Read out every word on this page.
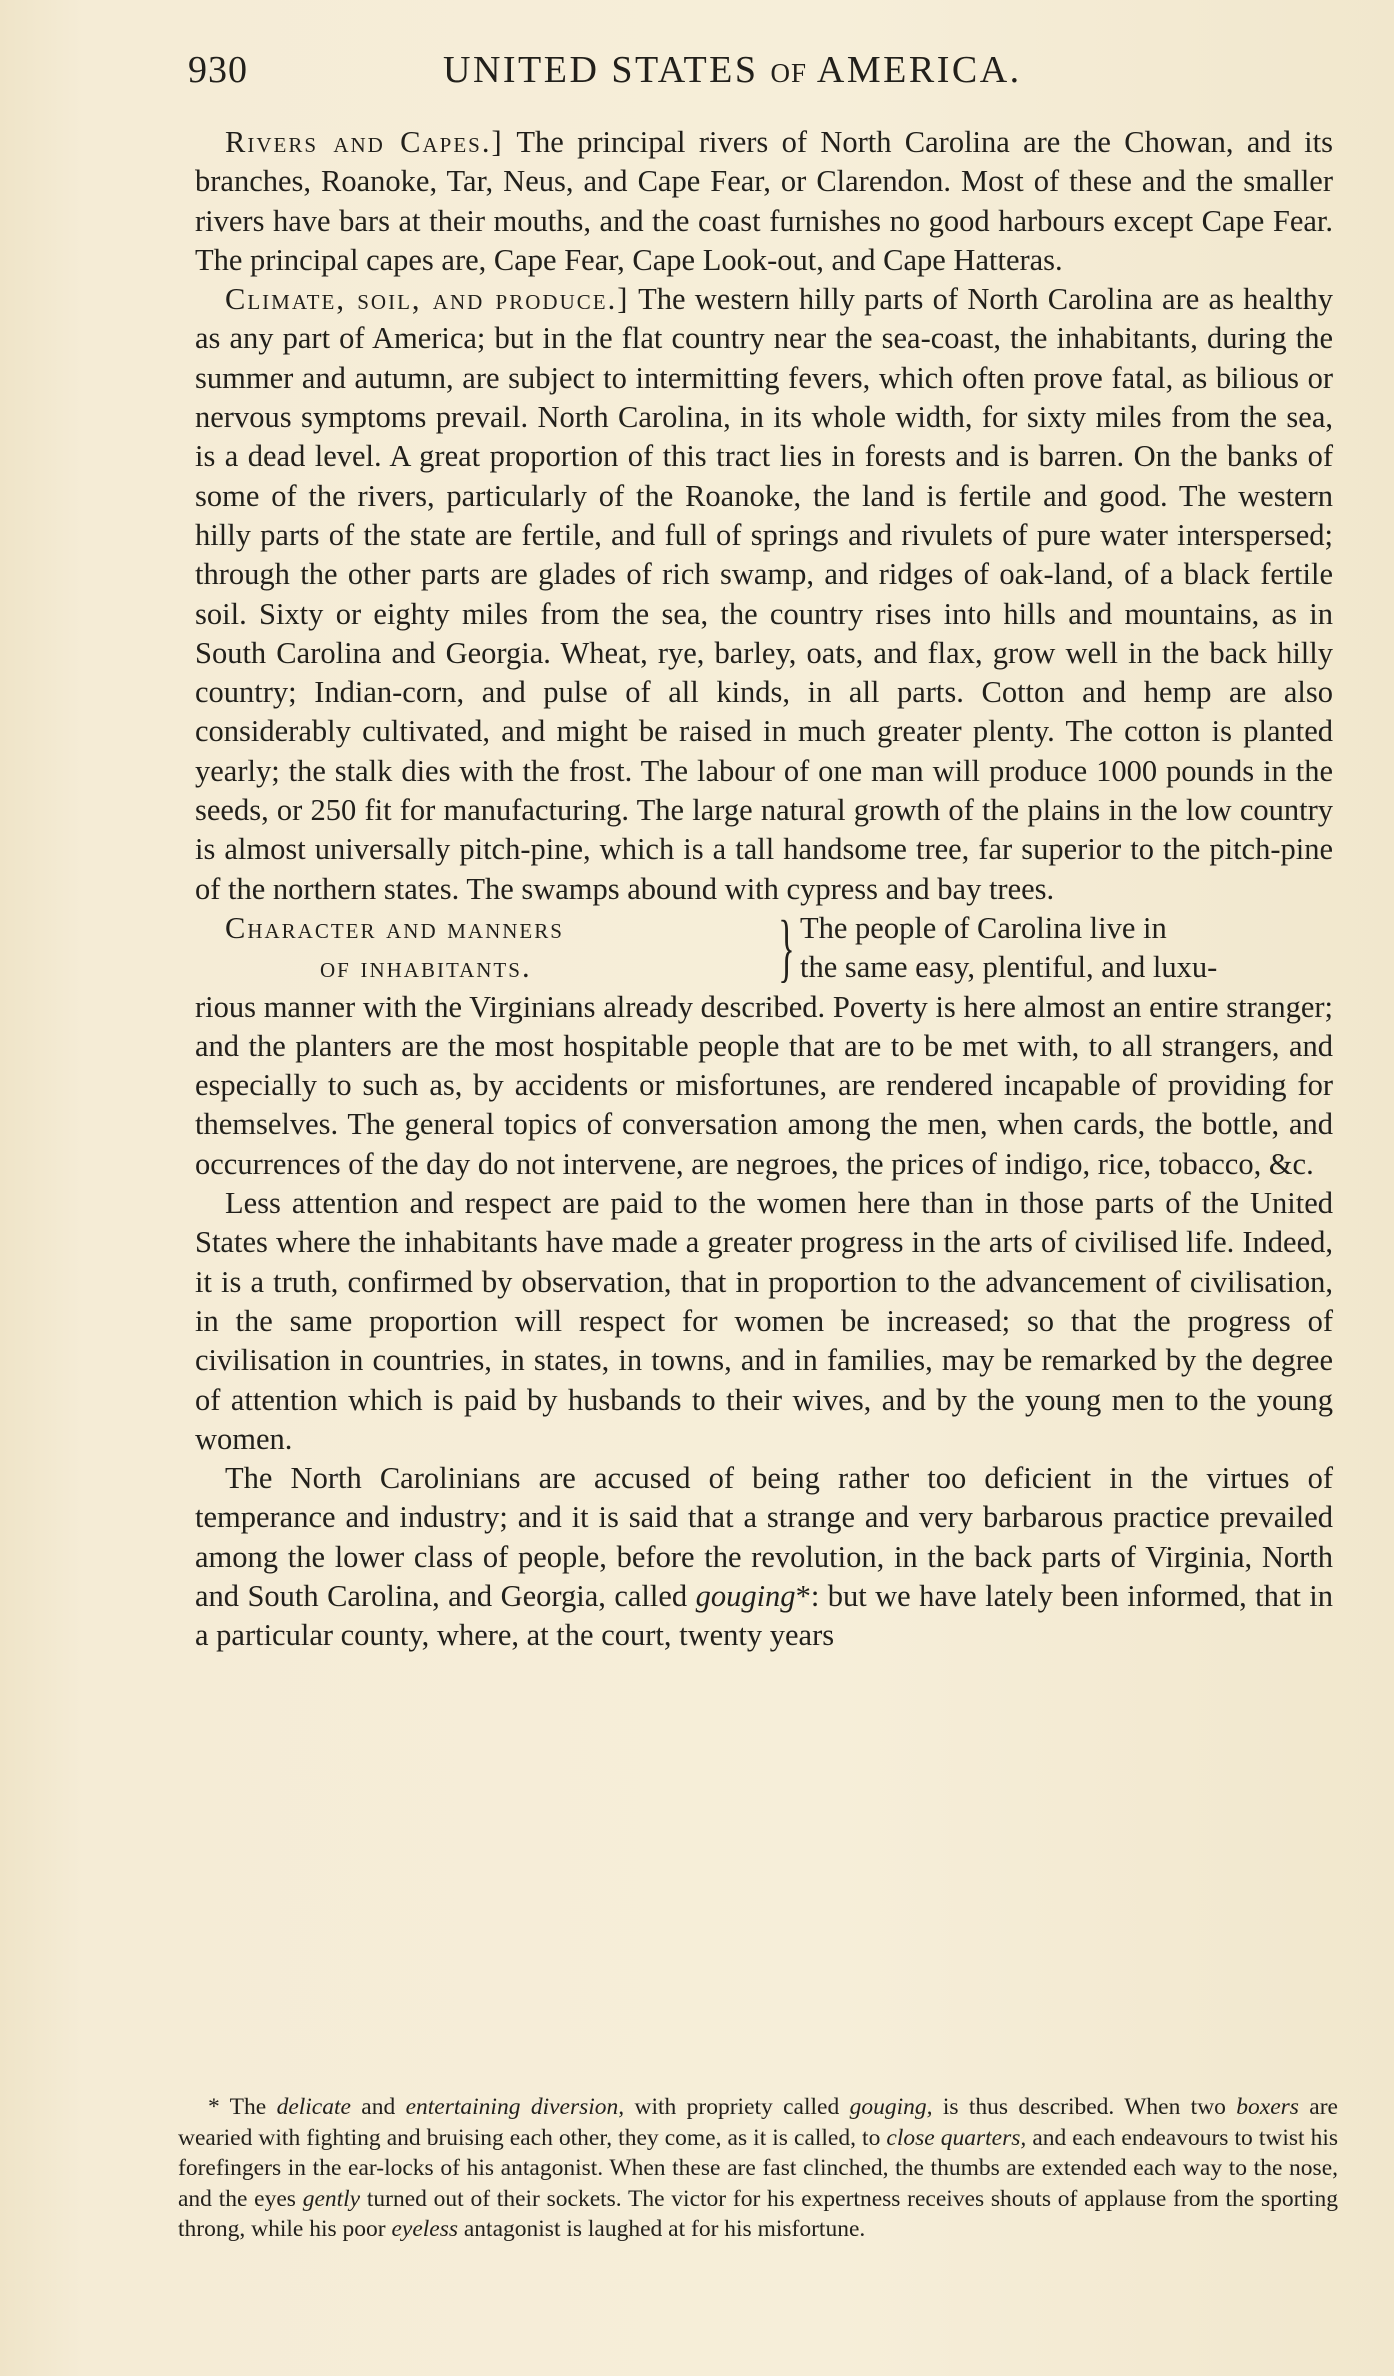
930	UNITED STATES OF AMERICA.

Rivers and Capes.] The principal rivers of North Carolina are the Chowan, and its branches, Roanoke, Tar, Neus, and Cape Fear, or Clarendon. Most of these and the smaller rivers have bars at their mouths, and the coast furnishes no good harbours except Cape Fear. The principal capes are, Cape Fear, Cape Look-out, and Cape Hatteras.

Climate, soil, and produce.] The western hilly parts of North Carolina are as healthy as any part of America; but in the flat country near the sea-coast, the inhabitants, during the summer and autumn, are subject to intermitting fevers, which often prove fatal, as bilious or nervous symptoms prevail. North Carolina, in its whole width, for sixty miles from the sea, is a dead level. A great proportion of this tract lies in forests and is barren. On the banks of some of the rivers, particularly of the Roanoke, the land is fertile and good. The western hilly parts of the state are fertile, and full of springs and rivulets of pure water interspersed; through the other parts are glades of rich swamp, and ridges of oak-land, of a black fertile soil. Sixty or eighty miles from the sea, the country rises into hills and mountains, as in South Carolina and Georgia. Wheat, rye, barley, oats, and flax, grow well in the back hilly country; Indian-corn, and pulse of all kinds, in all parts. Cotton and hemp are also considerably cultivated, and might be raised in much greater plenty. The cotton is planted yearly; the stalk dies with the frost. The labour of one man will produce 1000 pounds in the seeds, or 250 fit for manufacturing. The large natural growth of the plains in the low country is almost universally pitch-pine, which is a tall handsome tree, far superior to the pitch-pine of the northern states. The swamps abound with cypress and bay trees.

Character and manners
of inhabitants.	} The people of Carolina live in
the same easy, plentiful, and luxu-

rious manner with the Virginians already described. Poverty is here almost an entire stranger; and the planters are the most hospitable people that are to be met with, to all strangers, and especially to such as, by accidents or misfortunes, are rendered incapable of providing for themselves. The general topics of conversation among the men, when cards, the bottle, and occurrences of the day do not intervene, are negroes, the prices of indigo, rice, tobacco, &c.

Less attention and respect are paid to the women here than in those parts of the United States where the inhabitants have made a greater progress in the arts of civilised life. Indeed, it is a truth, confirmed by observation, that in proportion to the advancement of civilisation, in the same proportion will respect for women be increased; so that the progress of civilisation in countries, in states, in towns, and in families, may be remarked by the degree of attention which is paid by husbands to their wives, and by the young men to the young women.

The North Carolinians are accused of being rather too deficient in the virtues of temperance and industry; and it is said that a strange and very barbarous practice prevailed among the lower class of people, before the revolution, in the back parts of Virginia, North and South Carolina, and Georgia, called gouging*: but we have lately been informed, that in a particular county, where, at the court, twenty years

* The delicate and entertaining diversion, with propriety called gouging, is thus described. When two boxers are wearied with fighting and bruising each other, they come, as it is called, to close quarters, and each endeavours to twist his forefingers in the ear-locks of his antagonist. When these are fast clinched, the thumbs are extended each way to the nose, and the eyes gently turned out of their sockets. The victor for his expertness receives shouts of applause from the sporting throng, while his poor eyeless antagonist is laughed at for his misfortune.
